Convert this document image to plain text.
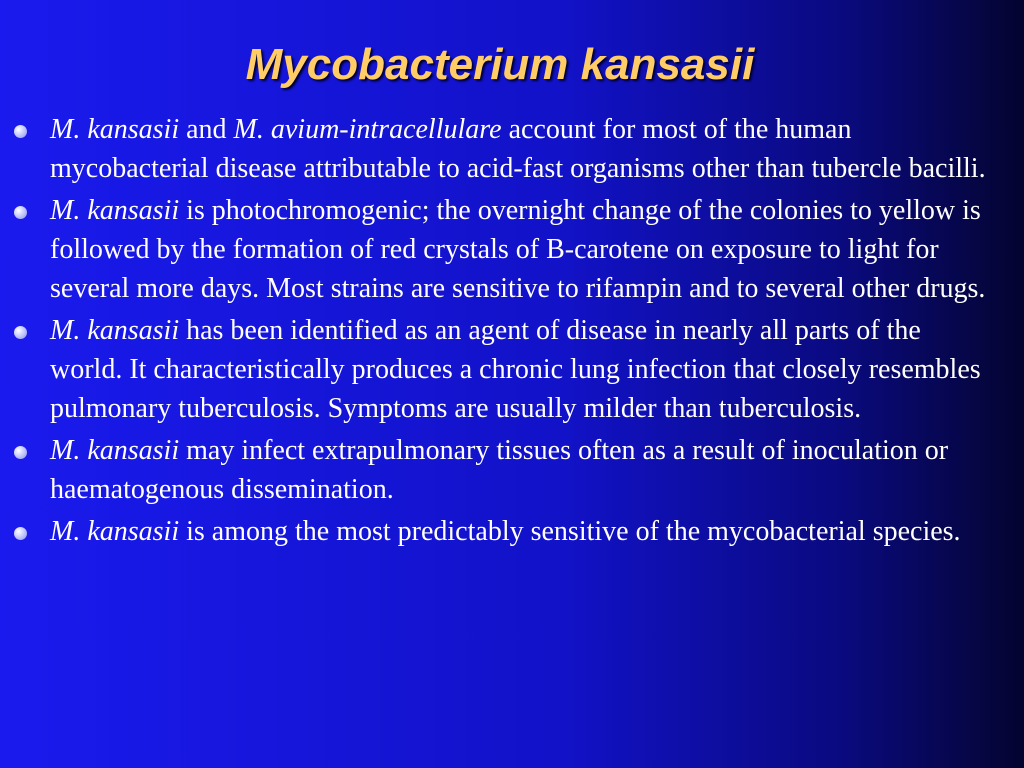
Mycobacterium kansasii
M. kansasii and M. avium-intracellulare account for most of the human mycobacterial disease attributable to acid-fast organisms other than tubercle bacilli.
M. kansasii is photochromogenic; the overnight change of the colonies to yellow is followed by the formation of red crystals of B-carotene on exposure to light for several more days. Most strains are sensitive to rifampin and to several other drugs.
M. kansasii has been identified as an agent of disease in nearly all parts of the world. It characteristically produces a chronic lung infection that closely resembles pulmonary tuberculosis. Symptoms are usually milder than tuberculosis.
M. kansasii may infect extrapulmonary tissues often as a result of inoculation or haematogenous dissemination.
M. kansasii is among the most predictably sensitive of the mycobacterial species.
